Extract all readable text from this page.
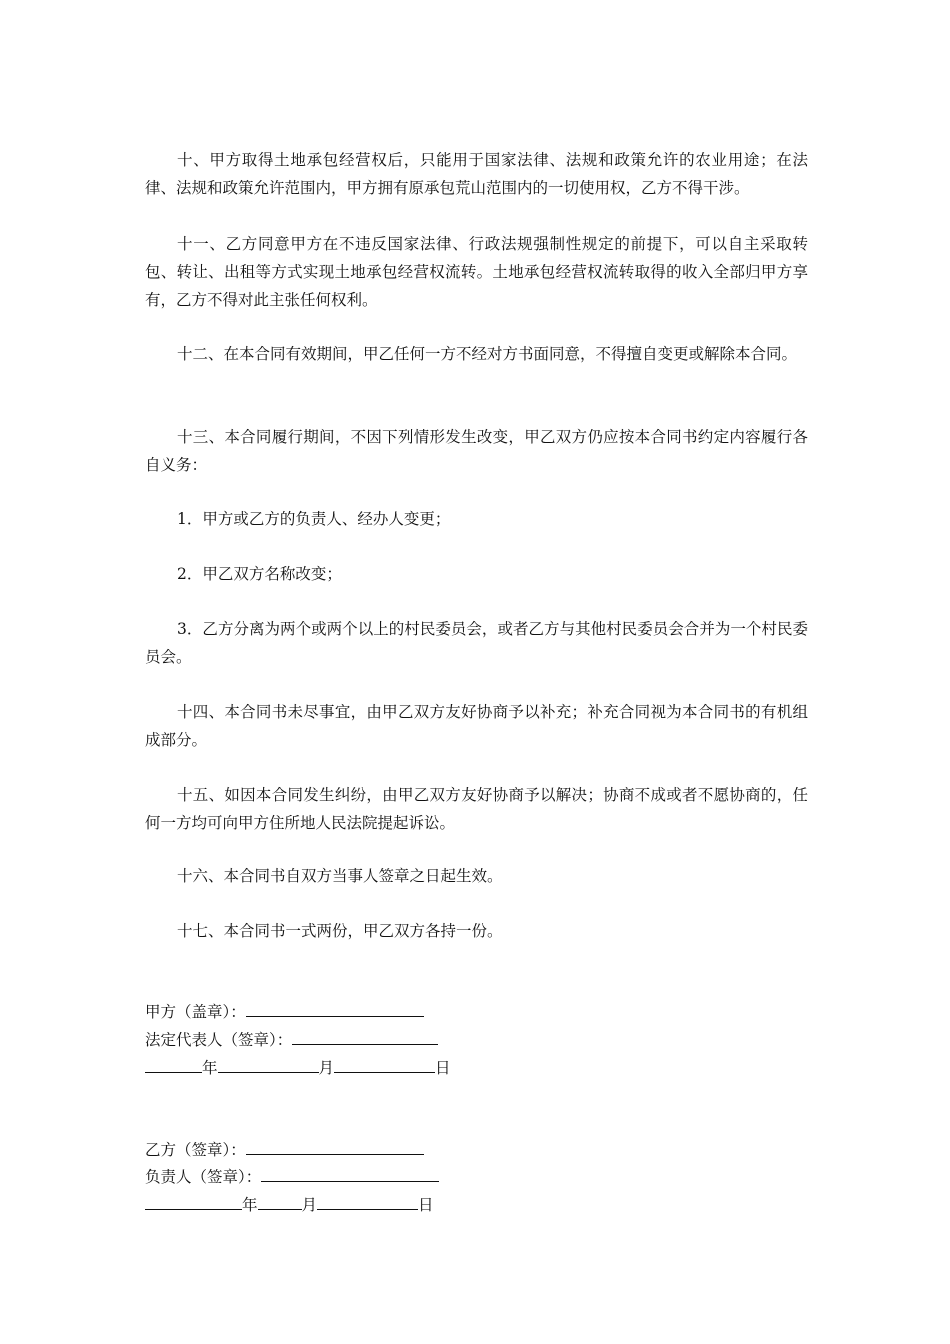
十、甲方取得土地承包经营权后，只能用于国家法律、法规和政策允许的农业用途；在法律、法规和政策允许范围内，甲方拥有原承包荒山范围内的一切使用权，乙方不得干涉。

十一、乙方同意甲方在不违反国家法律、行政法规强制性规定的前提下，可以自主采取转包、转让、出租等方式实现土地承包经营权流转。土地承包经营权流转取得的收入全部归甲方享有，乙方不得对此主张任何权利。

十二、在本合同有效期间，甲乙任何一方不经对方书面同意，不得擅自变更或解除本合同。

十三、本合同履行期间，不因下列情形发生改变，甲乙双方仍应按本合同书约定内容履行各自义务：

1．甲方或乙方的负责人、经办人变更；

2．甲乙双方名称改变；

3．乙方分离为两个或两个以上的村民委员会，或者乙方与其他村民委员会合并为一个村民委员会。

十四、本合同书未尽事宜，由甲乙双方友好协商予以补充；补充合同视为本合同书的有机组成部分。

十五、如因本合同发生纠纷，由甲乙双方友好协商予以解决；协商不成或者不愿协商的，任何一方均可向甲方住所地人民法院提起诉讼。

十六、本合同书自双方当事人签章之日起生效。

十七、本合同书一式两份，甲乙双方各持一份。

甲方（盖章）：
法定代表人（签章）：
年	月	日
乙方（签章）：
负责人（签章）：
年	月	日
